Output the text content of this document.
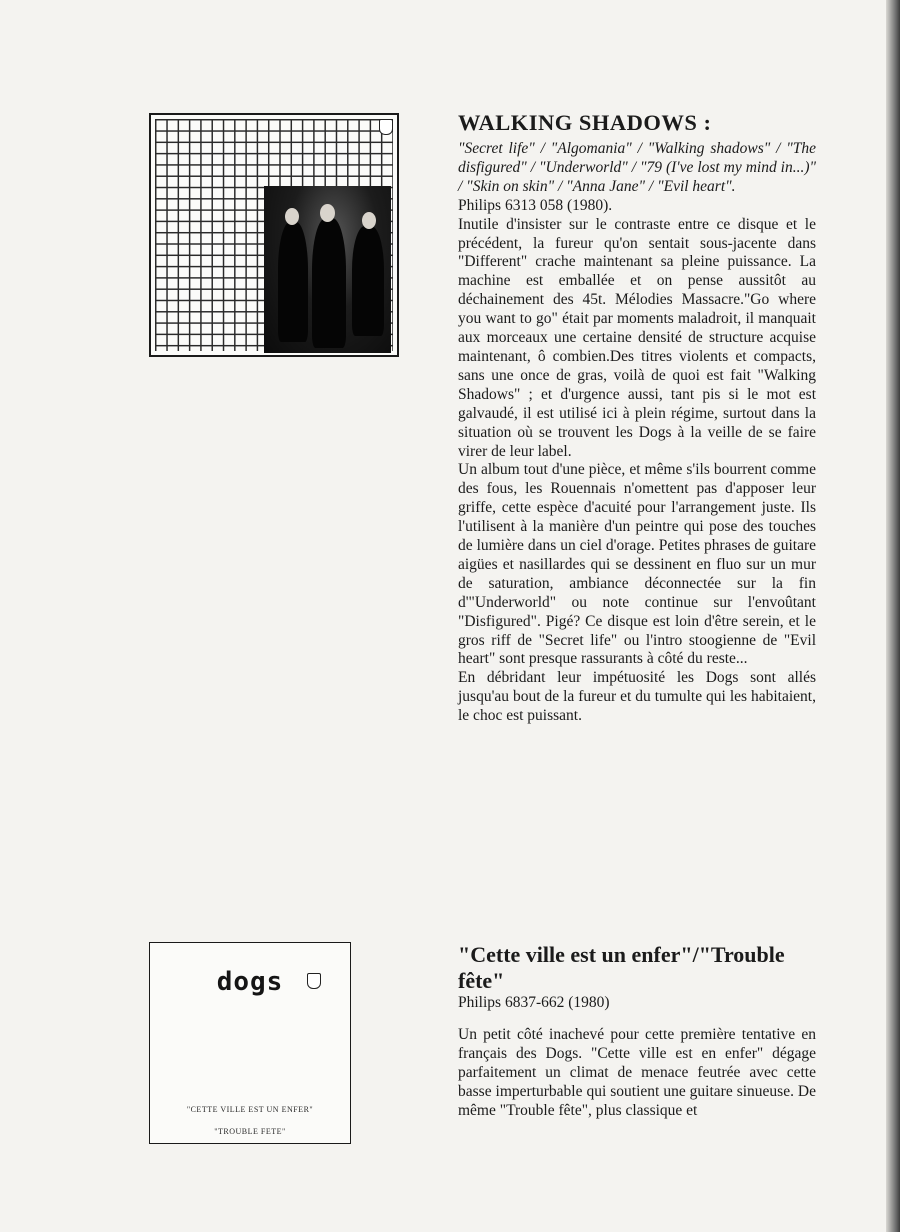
WALKING SHADOWS :

"Secret life" / "Algomania" / "Walking shadows" / "The disfigured" / "Underworld" / "79 (I've lost my mind in...)" / "Skin on skin" / "Anna Jane" / "Evil heart".

Philips 6313 058 (1980).

Inutile d'insister sur le contraste entre ce disque et le précédent, la fureur qu'on sentait sous-jacente dans "Different" crache maintenant sa pleine puissance. La machine est emballée et on pense aussitôt au déchainement des 45t. Mélodies Massacre."Go where you want to go" était par moments maladroit, il manquait aux morceaux une certaine densité de structure acquise maintenant, ô combien.Des titres violents et compacts, sans une once de gras, voilà de quoi est fait "Walking Shadows" ; et d'urgence aussi, tant pis si le mot est galvaudé, il est utilisé ici à plein régime, surtout dans la situation où se trouvent les Dogs à la veille de se faire virer de leur label.

Un album tout d'une pièce, et même s'ils bourrent comme des fous, les Rouennais n'omettent pas d'apposer leur griffe, cette espèce d'acuité pour l'arrangement juste. Ils l'utilisent à la manière d'un peintre qui pose des touches de lumière dans un ciel d'orage. Petites phrases de guitare aigües et nasillardes qui se dessinent en fluo sur un mur de saturation, ambiance déconnectée sur la fin d'"Underworld" ou note continue sur l'envoûtant "Disfigured". Pigé? Ce disque est loin d'être serein, et le gros riff de "Secret life" ou l'intro stoogienne de "Evil heart" sont presque rassurants à côté du reste...

En débridant leur impétuosité les Dogs sont allés jusqu'au bout de la fureur et du tumulte qui les habitaient, le choc est puissant.

dogs
"CETTE VILLE EST UN ENFER"
"TROUBLE FETE"
"Cette ville est un enfer"/"Trouble fête"

Philips 6837-662 (1980)

Un petit côté inachevé pour cette première tentative en français des Dogs. "Cette ville est en enfer" dégage parfaitement un climat de menace feutrée avec cette basse imperturbable qui soutient une guitare sinueuse. De même "Trouble fête", plus classique et
